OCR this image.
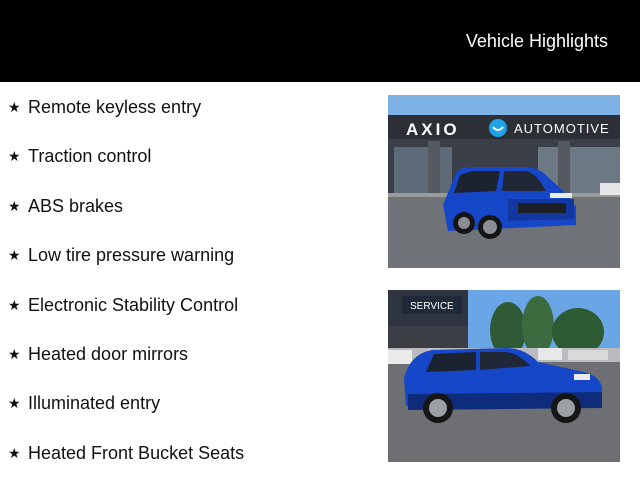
Vehicle Highlights
★ Remote keyless entry
★ Traction control
★ ABS brakes
★ Low tire pressure warning
★ Electronic Stability Control
★ Heated door mirrors
★ Illuminated entry
★ Heated Front Bucket Seats
AXIO	AUTOMOTIVE
SERVICE
